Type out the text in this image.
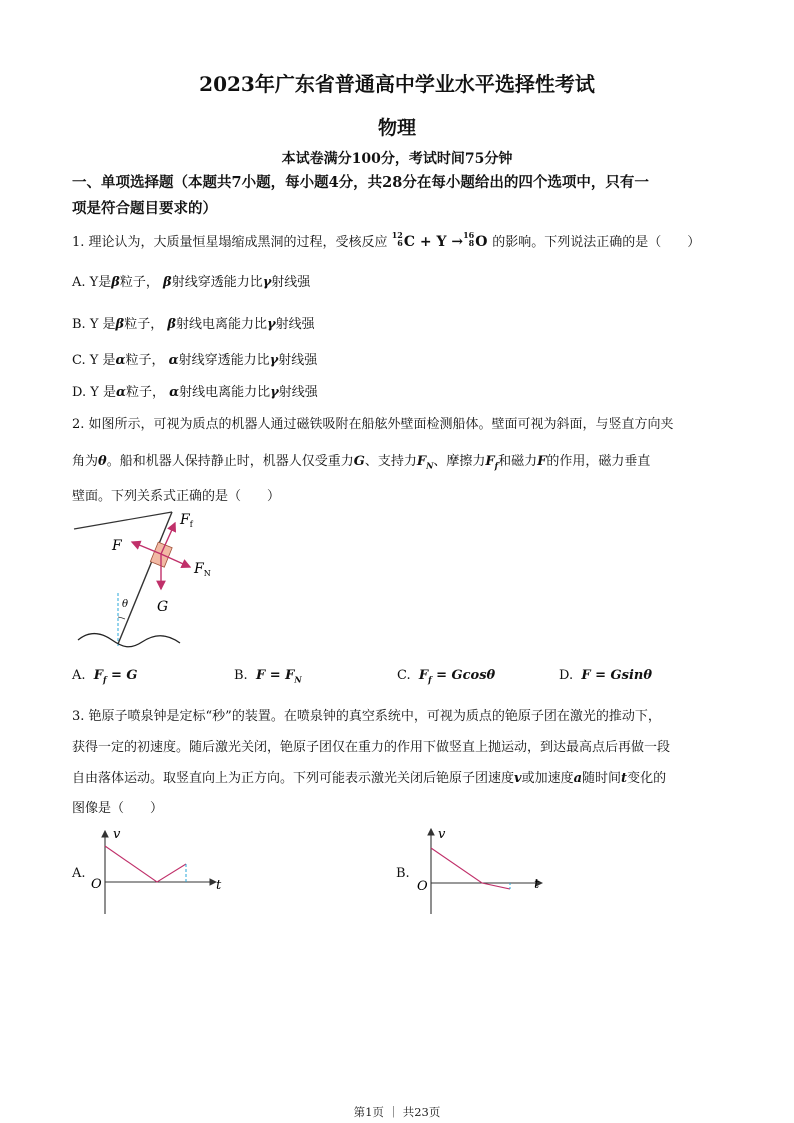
2023年广东省普通高中学业水平选择性考试
物理
本试卷满分100分，考试时间75分钟
一、单项选择题（本题共7小题，每小题4分，共28分在每小题给出的四个选项中，只有一
项是符合题目要求的）
1. 理论认为，大质量恒星塌缩成黑洞的过程，受核反应 12
6C + Y →16
8O 的影响。下列说法正确的是（　　）
A. Y是β粒子， β射线穿透能力比γ射线强
B. Y 是β粒子， β射线电离能力比γ射线强
C. Y 是α粒子， α射线穿透能力比γ射线强
D. Y 是α粒子， α射线电离能力比γ射线强
2. 如图所示，可视为质点的机器人通过磁铁吸附在船舷外壁面检测船体。壁面可视为斜面，与竖直方向夹
角为θ。船和机器人保持静止时，机器人仅受重力G、支持力$F_N$、摩擦力$F_f$和磁力F的作用，磁力垂直
壁面。下列关系式正确的是（　　）
$F_f$
F
$F_N$
G
θ
A. $F_f = G$	B. $F = F_N$	C. $F_f = Gcos\theta$	D. F = Gsinθ
3. 铯原子喷泉钟是定标“秒”的装置。在喷泉钟的真空系统中，可视为质点的铯原子团在激光的推动下，
获得一定的初速度。随后激光关闭，铯原子团仅在重力的作用下做竖直上抛运动，到达最高点后再做一段
自由落体运动。取竖直向上为正方向。下列可能表示激光关闭后铯原子团速度v或加速度a随时间t变化的
图像是（　　）
A.
v
t
O
B.
v
t
O
第1页 ｜ 共23页
